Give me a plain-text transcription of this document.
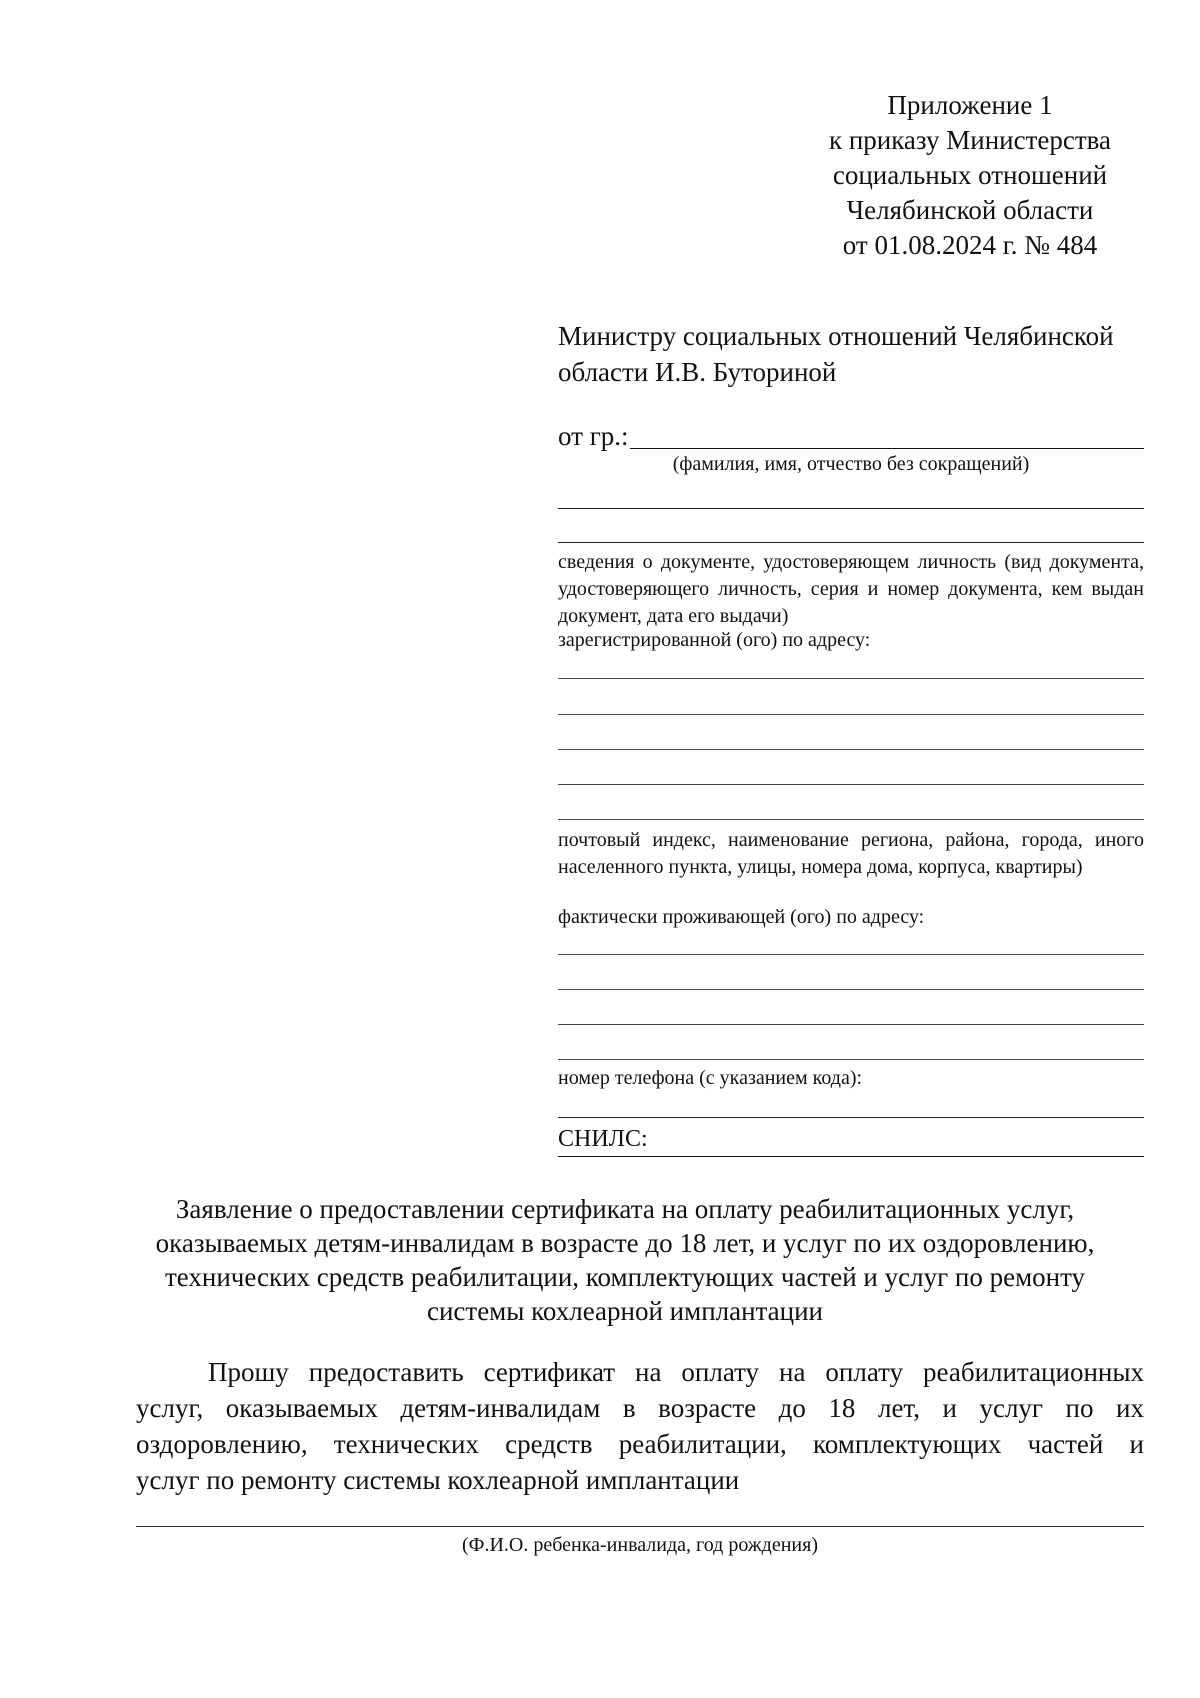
Приложение 1
к приказу Министерства
социальных отношений
Челябинской области
от 01.08.2024 г. № 484
Министру социальных отношений Челябинской
области И.В. Буториной
от гр.:
(фамилия, имя, отчество без сокращений)
сведения о документе, удостоверяющем личность (вид документа, удостоверяющего личность, серия и номер документа, кем выдан документ, дата его выдачи)
зарегистрированной (ого) по адресу:
почтовый индекс, наименование региона, района, города, иного населенного пункта, улицы, номера дома, корпуса, квартиры)
фактически проживающей (ого) по адресу:
номер телефона (с указанием кода):
СНИЛС:
Заявление о предоставлении сертификата на оплату реабилитационных услуг,
оказываемых детям-инвалидам в возрасте до 18 лет, и услуг по их оздоровлению,
технических средств реабилитации, комплектующих частей и услуг по ремонту
системы кохлеарной имплантации
Прошу предоставить сертификат на оплату на оплату реабилитационных
услуг, оказываемых детям-инвалидам в возрасте до 18 лет, и услуг по их
оздоровлению, технических средств реабилитации, комплектующих частей и
услуг по ремонту системы кохлеарной имплантации
(Ф.И.О. ребенка-инвалида, год рождения)
